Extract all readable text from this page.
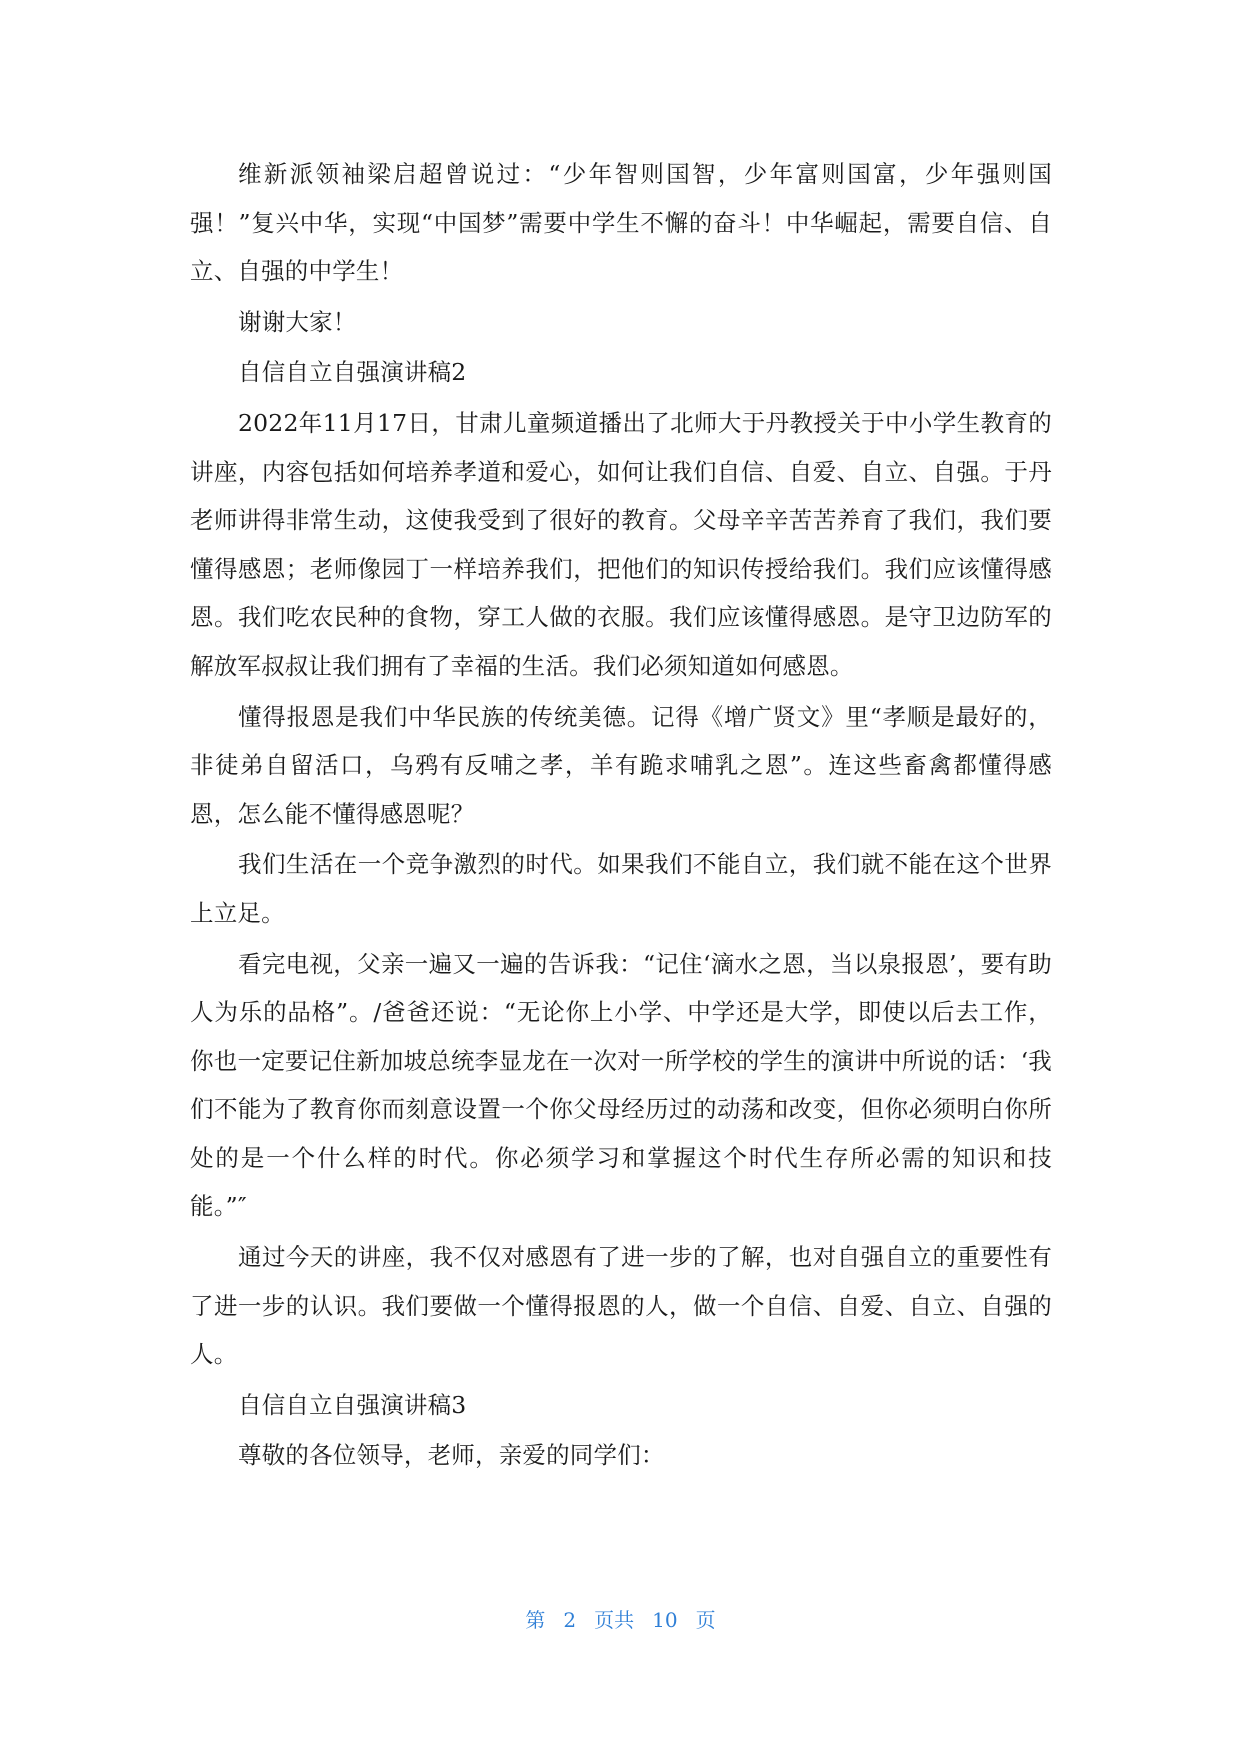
维新派领袖梁启超曾说过：“少年智则国智，少年富则国富，少年强则国强！”复兴中华，实现“中国梦”需要中学生不懈的奋斗！中华崛起，需要自信、自立、自强的中学生！

谢谢大家！

自信自立自强演讲稿2

2022年11月17日，甘肃儿童频道播出了北师大于丹教授关于中小学生教育的讲座，内容包括如何培养孝道和爱心，如何让我们自信、自爱、自立、自强。于丹老师讲得非常生动，这使我受到了很好的教育。父母辛辛苦苦养育了我们，我们要懂得感恩；老师像园丁一样培养我们，把他们的知识传授给我们。我们应该懂得感恩。我们吃农民种的食物，穿工人做的衣服。我们应该懂得感恩。是守卫边防军的解放军叔叔让我们拥有了幸福的生活。我们必须知道如何感恩。

懂得报恩是我们中华民族的传统美德。记得《增广贤文》里“孝顺是最好的，非徒弟自留活口，乌鸦有反哺之孝，羊有跪求哺乳之恩”。连这些畜禽都懂得感恩，怎么能不懂得感恩呢？

我们生活在一个竞争激烈的时代。如果我们不能自立，我们就不能在这个世界上立足。

看完电视，父亲一遍又一遍的告诉我：“记住‘滴水之恩，当以泉报恩’，要有助人为乐的品格”。/爸爸还说：“无论你上小学、中学还是大学，即使以后去工作，你也一定要记住新加坡总统李显龙在一次对一所学校的学生的演讲中所说的话：‘我们不能为了教育你而刻意设置一个你父母经历过的动荡和改变，但你必须明白你所处的是一个什么样的时代。你必须学习和掌握这个时代生存所必需的知识和技能。”″

通过今天的讲座，我不仅对感恩有了进一步的了解，也对自强自立的重要性有了进一步的认识。我们要做一个懂得报恩的人，做一个自信、自爱、自立、自强的人。

自信自立自强演讲稿3

尊敬的各位领导，老师，亲爱的同学们：

第 2 页共 10 页
